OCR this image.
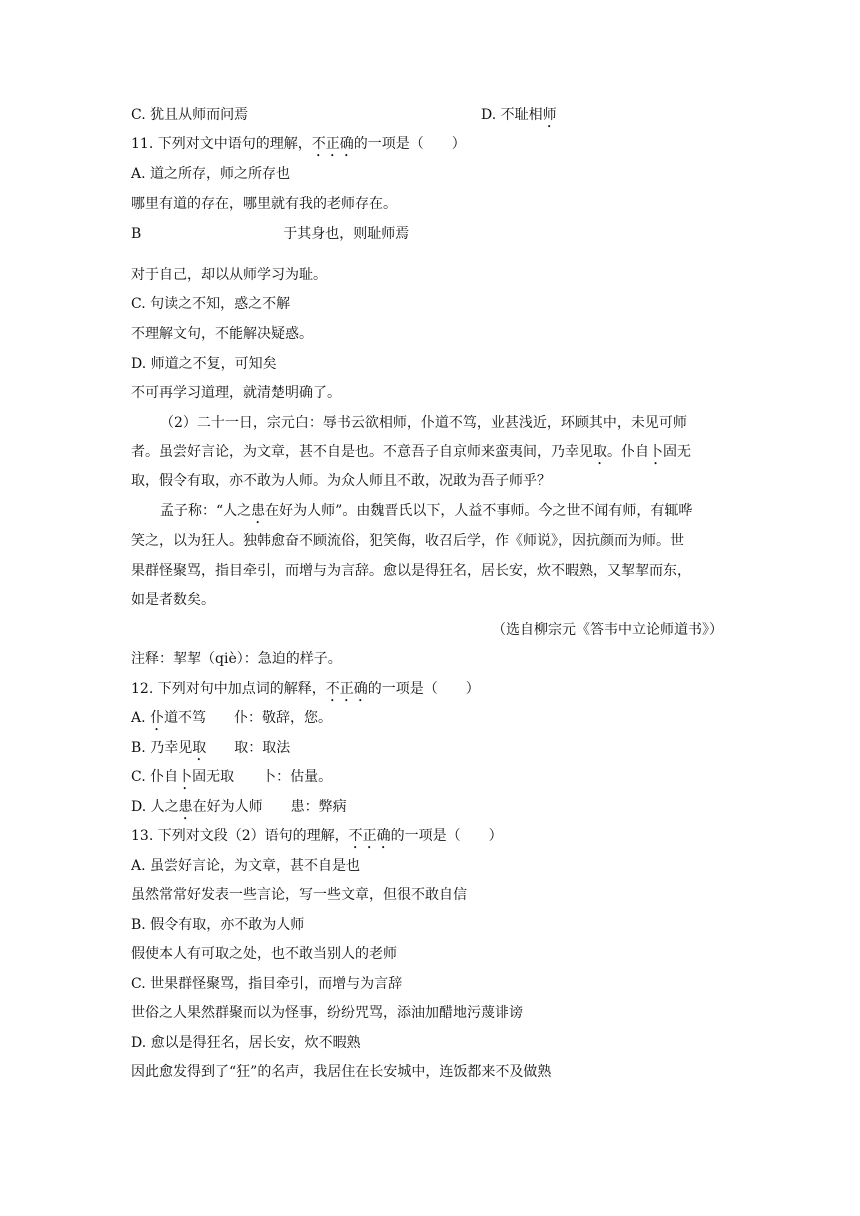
C. 犹且从师而问焉	D. 不耻相师
11. 下列对文中语句的理解，不正确的一项是（　　）
A. 道之所存，师之所存也
哪里有道的存在，哪里就有我的老师存在。
B	于其身也，则耻师焉
对于自己，却以从师学习为耻。
C. 句读之不知，惑之不解
不理解文句，不能解决疑惑。
D. 师道之不复，可知矣
不可再学习道理，就清楚明确了。
（2）二十一日，宗元白：辱书云欲相师，仆道不笃，业甚浅近，环顾其中，未见可师
者。虽尝好言论，为文章，甚不自是也。不意吾子自京师来蛮夷间，乃幸见取。仆自卜固无
取，假令有取，亦不敢为人师。为众人师且不敢，况敢为吾子师乎？
孟子称：“人之患在好为人师”。由魏晋氏以下，人益不事师。今之世不闻有师，有辄哗
笑之，以为狂人。独韩愈奋不顾流俗，犯笑侮，收召后学，作《师说》，因抗颜而为师。世
果群怪聚骂，指目牵引，而增与为言辞。愈以是得狂名，居长安，炊不暇熟，又挈挈而东，
如是者数矣。
（选自柳宗元《答韦中立论师道书》）
注释：挈挈（qiè）：急迫的样子。
12. 下列对句中加点词的解释，不正确的一项是（　　）
A. 仆道不笃 仆：敬辞，您。
B. 乃幸见取 取：取法
C. 仆自卜固无取 卜：估量。
D. 人之患在好为人师 患：弊病
13. 下列对文段（2）语句的理解，不正确的一项是（　　）
A. 虽尝好言论，为文章，甚不自是也
虽然常常好发表一些言论，写一些文章，但很不敢自信
B. 假令有取，亦不敢为人师
假使本人有可取之处，也不敢当别人的老师
C. 世果群怪聚骂，指目牵引，而增与为言辞
世俗之人果然群聚而以为怪事，纷纷咒骂，添油加醋地污蔑诽谤
D. 愈以是得狂名，居长安，炊不暇熟
因此愈发得到了“狂”的名声，我居住在长安城中，连饭都来不及做熟
